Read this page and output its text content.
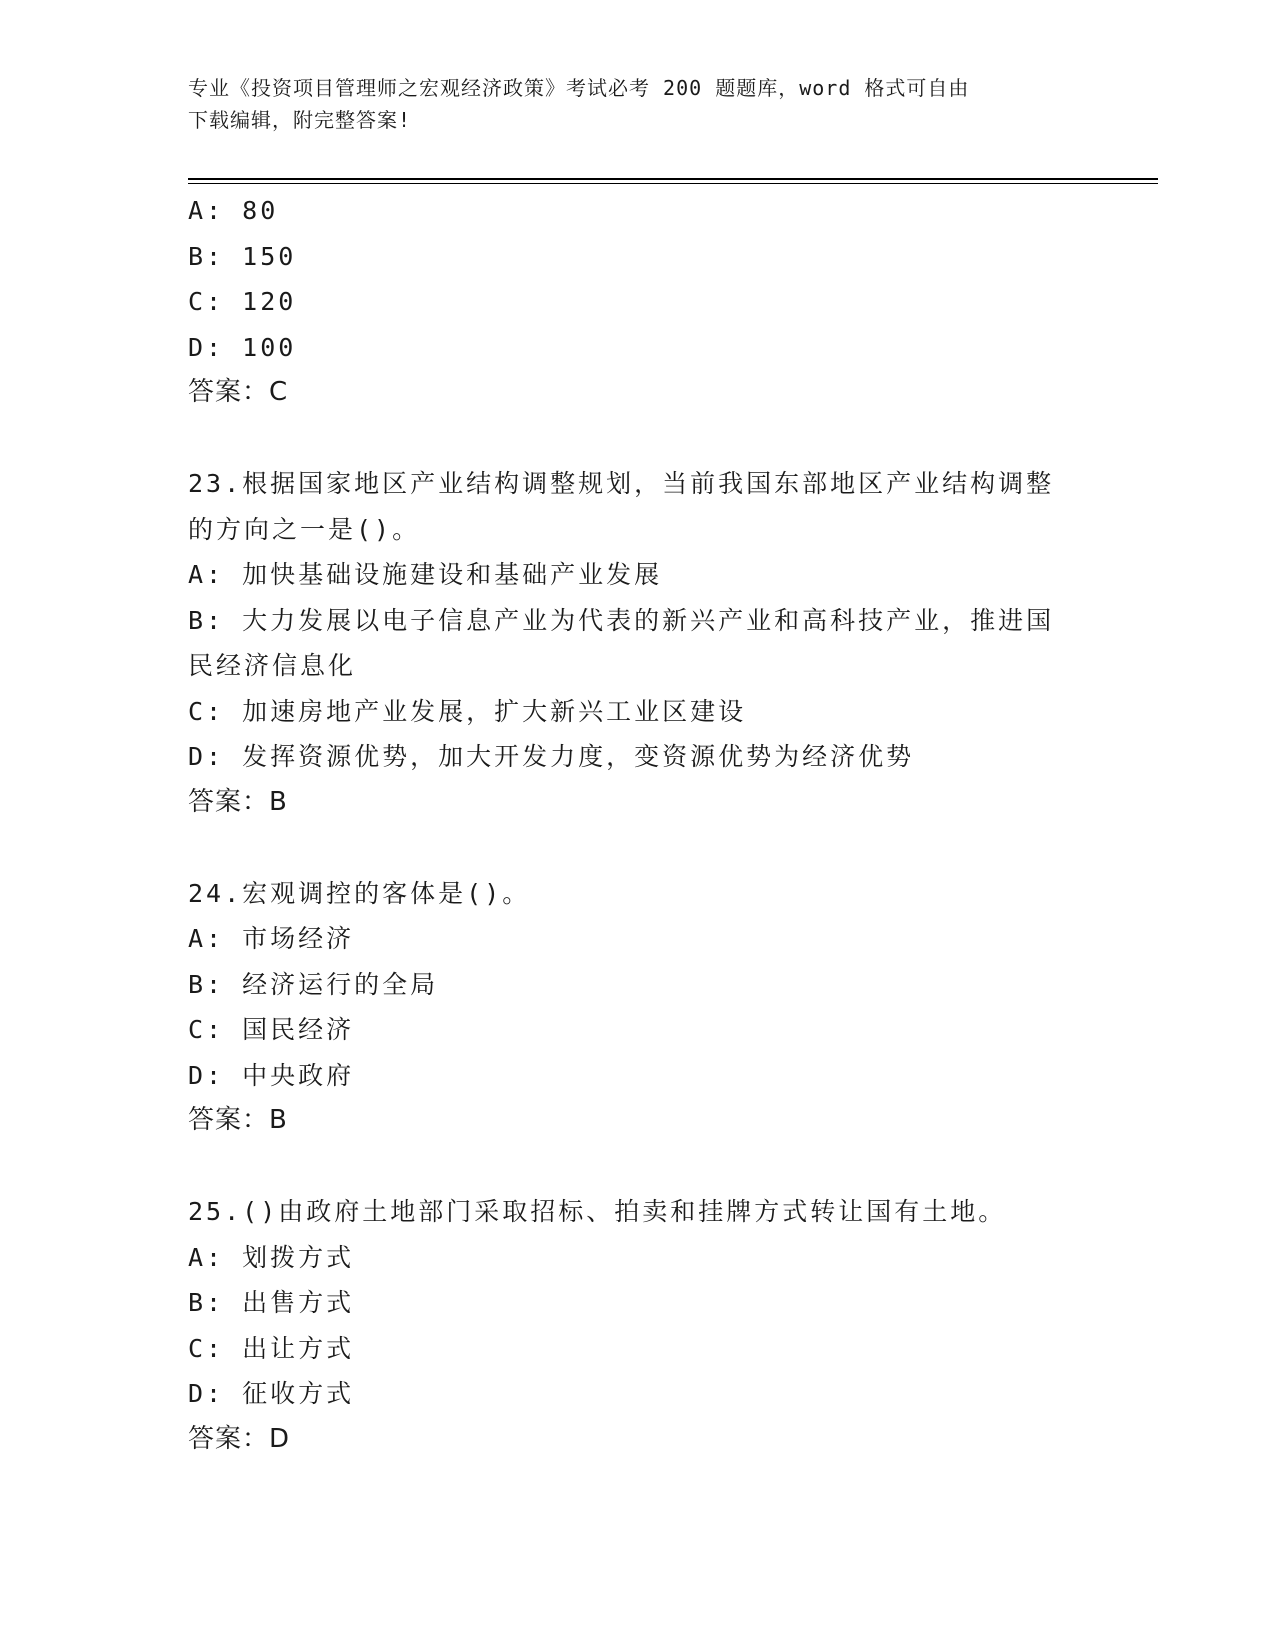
专业《投资项目管理师之宏观经济政策》考试必考 200 题题库，word 格式可自由
下载编辑，附完整答案!
A: 80
B: 150
C: 120
D: 100
答案：C
23.根据国家地区产业结构调整规划，当前我国东部地区产业结构调整
的方向之一是()。
A: 加快基础设施建设和基础产业发展
B: 大力发展以电子信息产业为代表的新兴产业和高科技产业，推进国
民经济信息化
C: 加速房地产业发展，扩大新兴工业区建设
D: 发挥资源优势，加大开发力度，变资源优势为经济优势
答案：B
24.宏观调控的客体是()。
A: 市场经济
B: 经济运行的全局
C: 国民经济
D: 中央政府
答案：B
25.()由政府土地部门采取招标、拍卖和挂牌方式转让国有土地。
A: 划拨方式
B: 出售方式
C: 出让方式
D: 征收方式
答案：D
